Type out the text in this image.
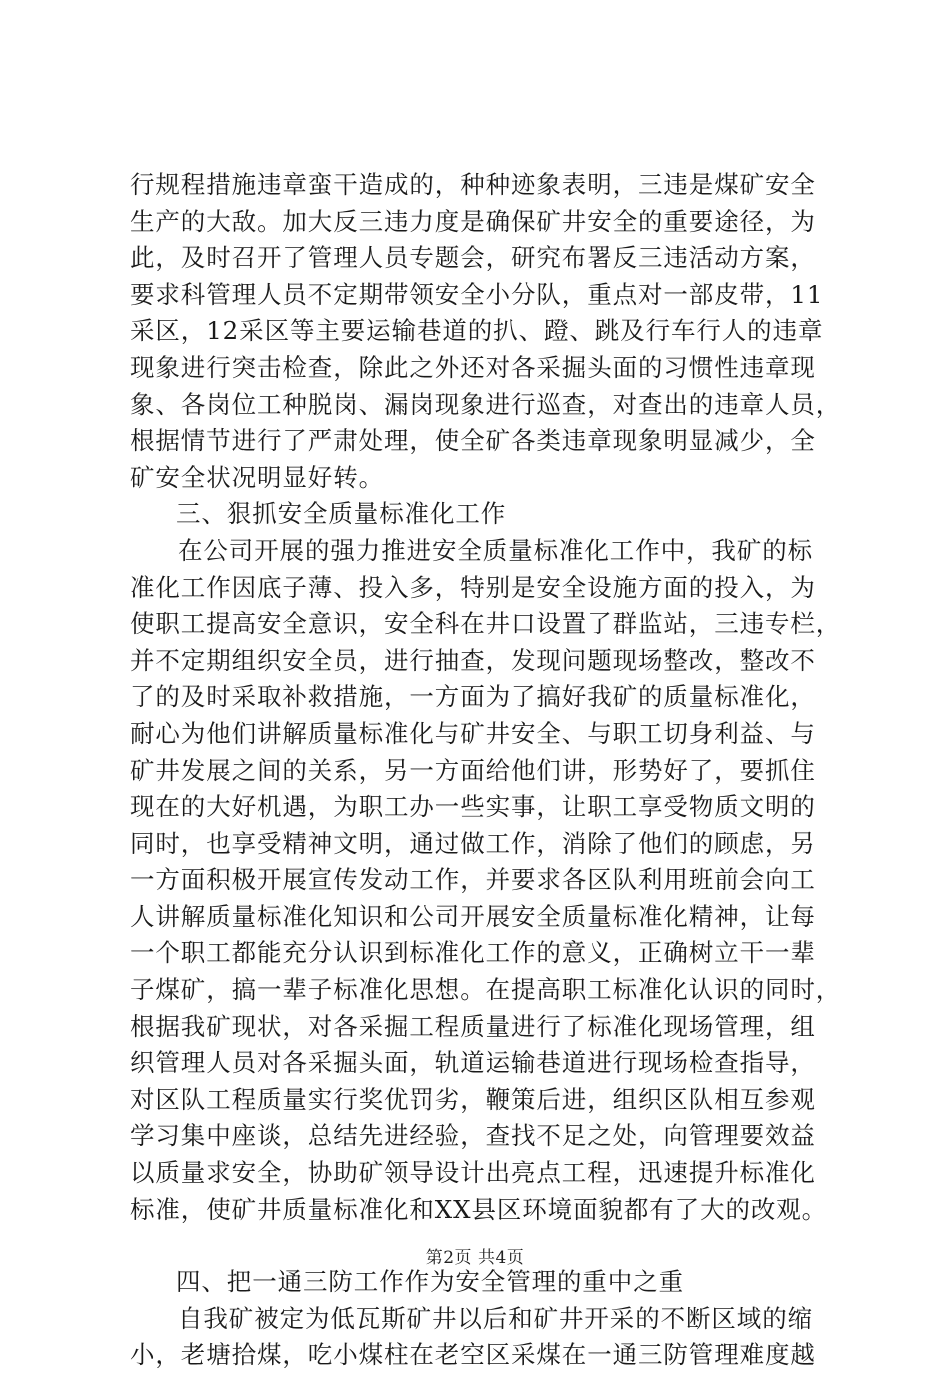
行规程措施违章蛮干造成的，种种迹象表明，三违是煤矿安全
生产的大敌。加大反三违力度是确保矿井安全的重要途径，为
此，及时召开了管理人员专题会，研究布署反三违活动方案，
要求科管理人员不定期带领安全小分队，重点对一部皮带，11
采区，12采区等主要运输巷道的扒、蹬、跳及行车行人的违章
现象进行突击检查，除此之外还对各采掘头面的习惯性违章现
象、各岗位工种脱岗、漏岗现象进行巡查，对查出的违章人员，
根据情节进行了严肃处理，使全矿各类违章现象明显减少，全
矿安全状况明显好转。
三、狠抓安全质量标准化工作
在公司开展的强力推进安全质量标准化工作中，我矿的标
准化工作因底子薄、投入多，特别是安全设施方面的投入，为
使职工提高安全意识，安全科在井口设置了群监站，三违专栏，
并不定期组织安全员，进行抽查，发现问题现场整改，整改不
了的及时采取补救措施，一方面为了搞好我矿的质量标准化，
耐心为他们讲解质量标准化与矿井安全、与职工切身利益、与
矿井发展之间的关系，另一方面给他们讲，形势好了，要抓住
现在的大好机遇，为职工办一些实事，让职工享受物质文明的
同时，也享受精神文明，通过做工作，消除了他们的顾虑，另
一方面积极开展宣传发动工作，并要求各区队利用班前会向工
人讲解质量标准化知识和公司开展安全质量标准化精神，让每
一个职工都能充分认识到标准化工作的意义，正确树立干一辈
子煤矿，搞一辈子标准化思想。在提高职工标准化认识的同时，
根据我矿现状，对各采掘工程质量进行了标准化现场管理，组
织管理人员对各采掘头面，轨道运输巷道进行现场检查指导，
对区队工程质量实行奖优罚劣，鞭策后进，组织区队相互参观
学习集中座谈，总结先进经验，查找不足之处，向管理要效益
以质量求安全，协助矿领导设计出亮点工程，迅速提升标准化
标准，使矿井质量标准化和XX县区环境面貌都有了大的改观。
四、把一通三防工作作为安全管理的重中之重
自我矿被定为低瓦斯矿井以后和矿井开采的不断区域的缩
小，老塘拾煤，吃小煤柱在老空区采煤在一通三防管理难度越
第2页 共4页
